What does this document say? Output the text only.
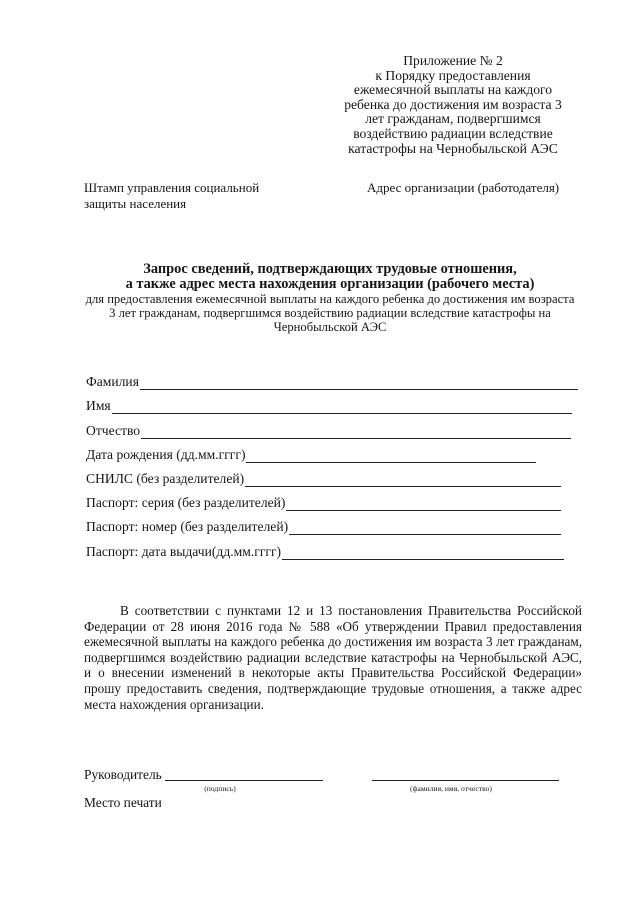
Приложение № 2
к Порядку предоставления
ежемесячной выплаты на каждого
ребенка до достижения им возраста 3
лет гражданам, подвергшимся
воздействию радиации вследствие
катастрофы на Чернобыльской АЭС
Штамп управления социальной
защиты населения
Адрес организации (работодателя)
Запрос сведений, подтверждающих трудовые отношения,
а также адрес места нахождения организации (рабочего места)
для предоставления ежемесячной выплаты на каждого ребенка до достижения им возраста
3 лет гражданам, подвергшимся воздействию радиации вследствие катастрофы на
Чернобыльской АЭС
Фамилия
Имя
Отчество
Дата рождения (дд.мм.гггг)
СНИЛС (без разделителей)
Паспорт: серия (без разделителей)
Паспорт: номер (без разделителей)
Паспорт: дата выдачи(дд.мм.гггг)
В соответствии с пунктами 12 и 13 постановления Правительства Российской Федерации от 28 июня 2016 года № 588 «Об утверждении Правил предоставления ежемесячной выплаты на каждого ребенка до достижения им возраста 3 лет гражданам, подвергшимся воздействию радиации вследствие катастрофы на Чернобыльской АЭС, и о внесении изменений в некоторые акты Правительства Российской Федерации» прошу предоставить сведения, подтверждающие трудовые отношения, а также адрес места нахождения организации.
Руководитель
(подпись)	(фамилия, имя, отчество)
Место печати
